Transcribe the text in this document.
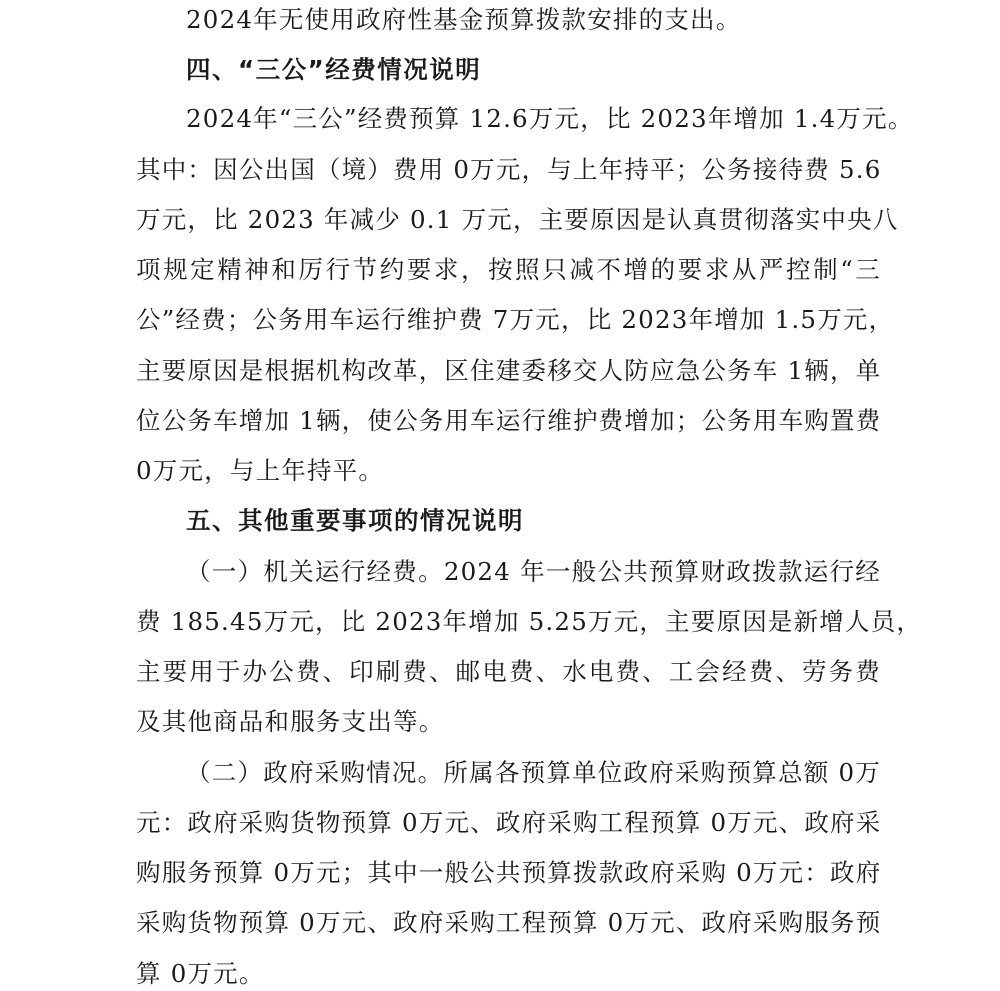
2024年无使用政府性基金预算拨款安排的支出。
四、“三公”经费情况说明
2024年“三公”经费预算 12.6万元，比 2023年增加 1.4万元。
其中：因公出国（境）费用 0万元，与上年持平；公务接待费 5.6
万元，比 2023 年减少 0.1 万元，主要原因是认真贯彻落实中央八
项规定精神和厉行节约要求，按照只减不增的要求从严控制“三
公”经费；公务用车运行维护费 7万元，比 2023年增加 1.5万元，
主要原因是根据机构改革，区住建委移交人防应急公务车 1辆，单
位公务车增加 1辆，使公务用车运行维护费增加；公务用车购置费
0万元，与上年持平。
五、其他重要事项的情况说明
（一）机关运行经费。2024 年一般公共预算财政拨款运行经
费 185.45万元，比 2023年增加 5.25万元，主要原因是新增人员，
主要用于办公费、印刷费、邮电费、水电费、工会经费、劳务费
及其他商品和服务支出等。
（二）政府采购情况。所属各预算单位政府采购预算总额 0万
元：政府采购货物预算 0万元、政府采购工程预算 0万元、政府采
购服务预算 0万元；其中一般公共预算拨款政府采购 0万元：政府
采购货物预算 0万元、政府采购工程预算 0万元、政府采购服务预
算 0万元。
